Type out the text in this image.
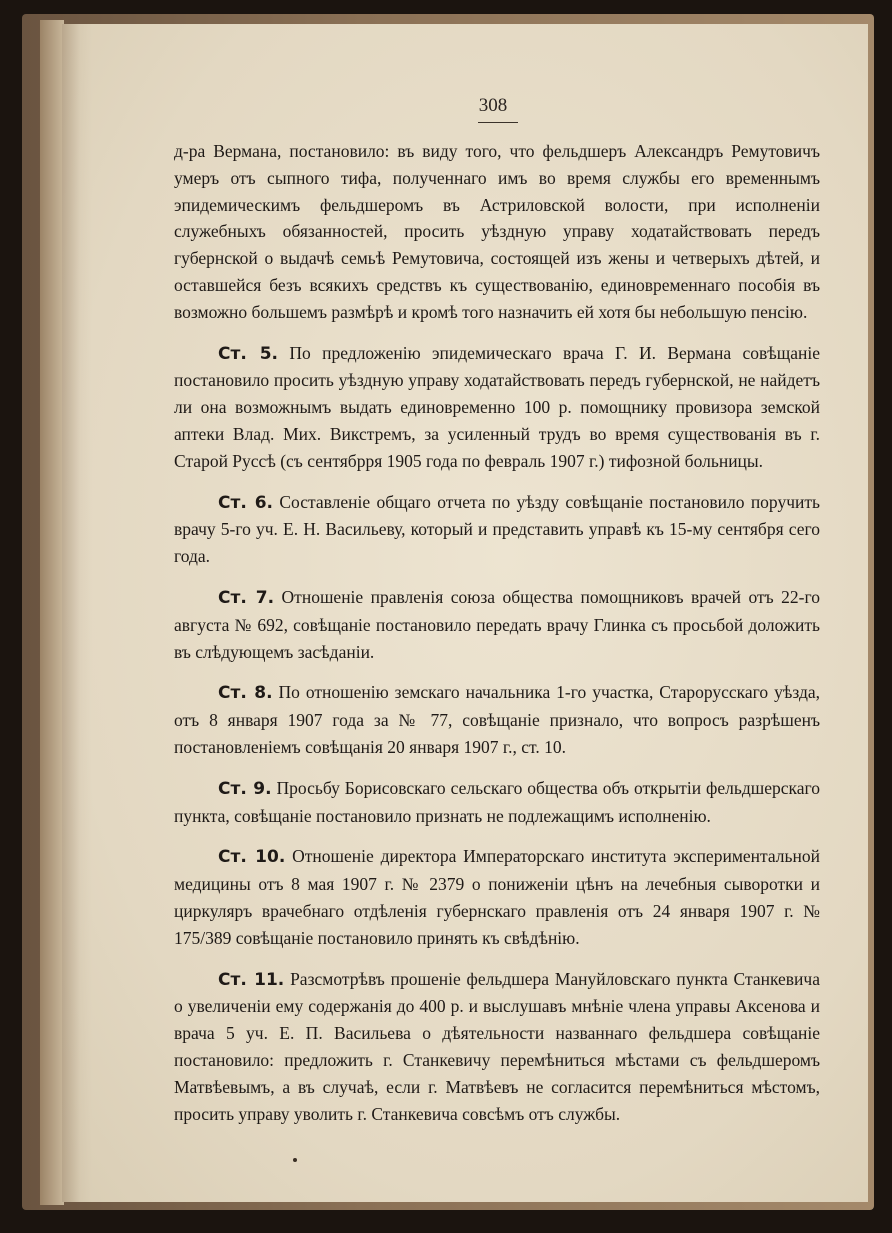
308

д-ра Вермана, постановило: въ виду того, что фельдшеръ Александръ Ремутовичъ умеръ отъ сыпного тифа, полученнаго имъ во время службы его временнымъ эпидемическимъ фельдшеромъ въ Астриловской волости, при исполненіи служебныхъ обязанностей, просить уѣздную управу ходатайствовать передъ губернской о выдачѣ семьѣ Ремутовича, состоящей изъ жены и четверыхъ дѣтей, и оставшейся безъ всякихъ средствъ къ существованію, единовременнаго пособія въ возможно большемъ размѣрѣ и кромѣ того назначить ей хотя бы небольшую пенсію.

Ст. 5. По предложенію эпидемическаго врача Г. И. Вермана совѣщаніе постановило просить уѣздную управу ходатайствовать передъ губернской, не найдетъ ли она возможнымъ выдать единовременно 100 р. помощнику провизора земской аптеки Влад. Мих. Викстремъ, за усиленный трудъ во время существованія въ г. Старой Руссѣ (съ сентябрря 1905 года по февраль 1907 г.) тифозной больницы.

Ст. 6. Составленіе общаго отчета по уѣзду совѣщаніе постановило поручить врачу 5-го уч. Е. Н. Васильеву, который и представить управѣ къ 15-му сентября сего года.

Ст. 7. Отношеніе правленія союза общества помощниковъ врачей отъ 22-го августа № 692, совѣщаніе постановило передать врачу Глинка съ просьбой доложить въ слѣдующемъ засѣданіи.

Ст. 8. По отношенію земскаго начальника 1-го участка, Старорусскаго уѣзда, отъ 8 января 1907 года за № 77, совѣщаніе признало, что вопросъ разрѣшенъ постановленіемъ совѣщанія 20 января 1907 г., ст. 10.

Ст. 9. Просьбу Борисовскаго сельскаго общества объ открытіи фельдшерскаго пункта, совѣщаніе постановило признать не подлежащимъ исполненію.

Ст. 10. Отношеніе директора Императорскаго института экспериментальной медицины отъ 8 мая 1907 г. № 2379 о пониженіи цѣнъ на лечебныя сыворотки и циркуляръ врачебнаго отдѣленія губернскаго правленія отъ 24 января 1907 г. № 175/389 совѣщаніе постановило принять къ свѣдѣнію.

Ст. 11. Разсмотрѣвъ прошеніе фельдшера Мануйловскаго пункта Станкевича о увеличеніи ему содержанія до 400 р. и выслушавъ мнѣніе члена управы Аксенова и врача 5 уч. Е. П. Васильева о дѣятельности названнаго фельдшера совѣщаніе постановило: предложить г. Станкевичу перемѣниться мѣстами съ фельдшеромъ Матвѣевымъ, а въ случаѣ, если г. Матвѣевъ не согласится перемѣниться мѣстомъ, просить управу уволить г. Станкевича совсѣмъ отъ службы.
